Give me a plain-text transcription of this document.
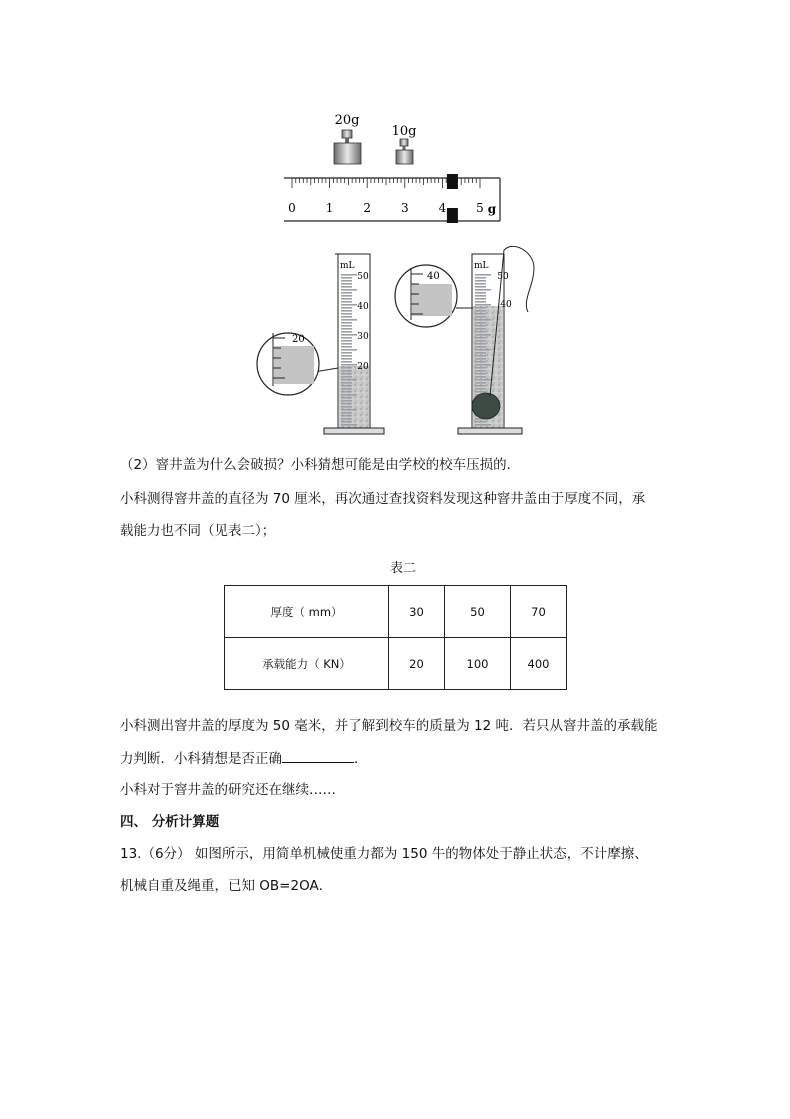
20g
10g
0 1 2 3 4 5 g
mL
50
40
30
20
20
mL
50
40
40
（2）窨井盖为什么会破损？小科猜想可能是由学校的校车压损的．
小科测得窨井盖的直径为 70 厘米，再次通过查找资料发现这种窨井盖由于厚度不同，承
载能力也不同（见表二）；
表二
厚度（ mm）	30	50	70
承载能力（ KN）	20	100	400
小科测出窨井盖的厚度为 50 毫米，并了解到校车的质量为 12 吨．若只从窨井盖的承载能
力判断．小科猜想是否正确	．
小科对于窨井盖的研究还在继续……
四、 分析计算题
13.（6分） 如图所示，用简单机械使重力都为 150 牛的物体处于静止状态，不计摩擦、
机械自重及绳重，已知 OB=2OA．
